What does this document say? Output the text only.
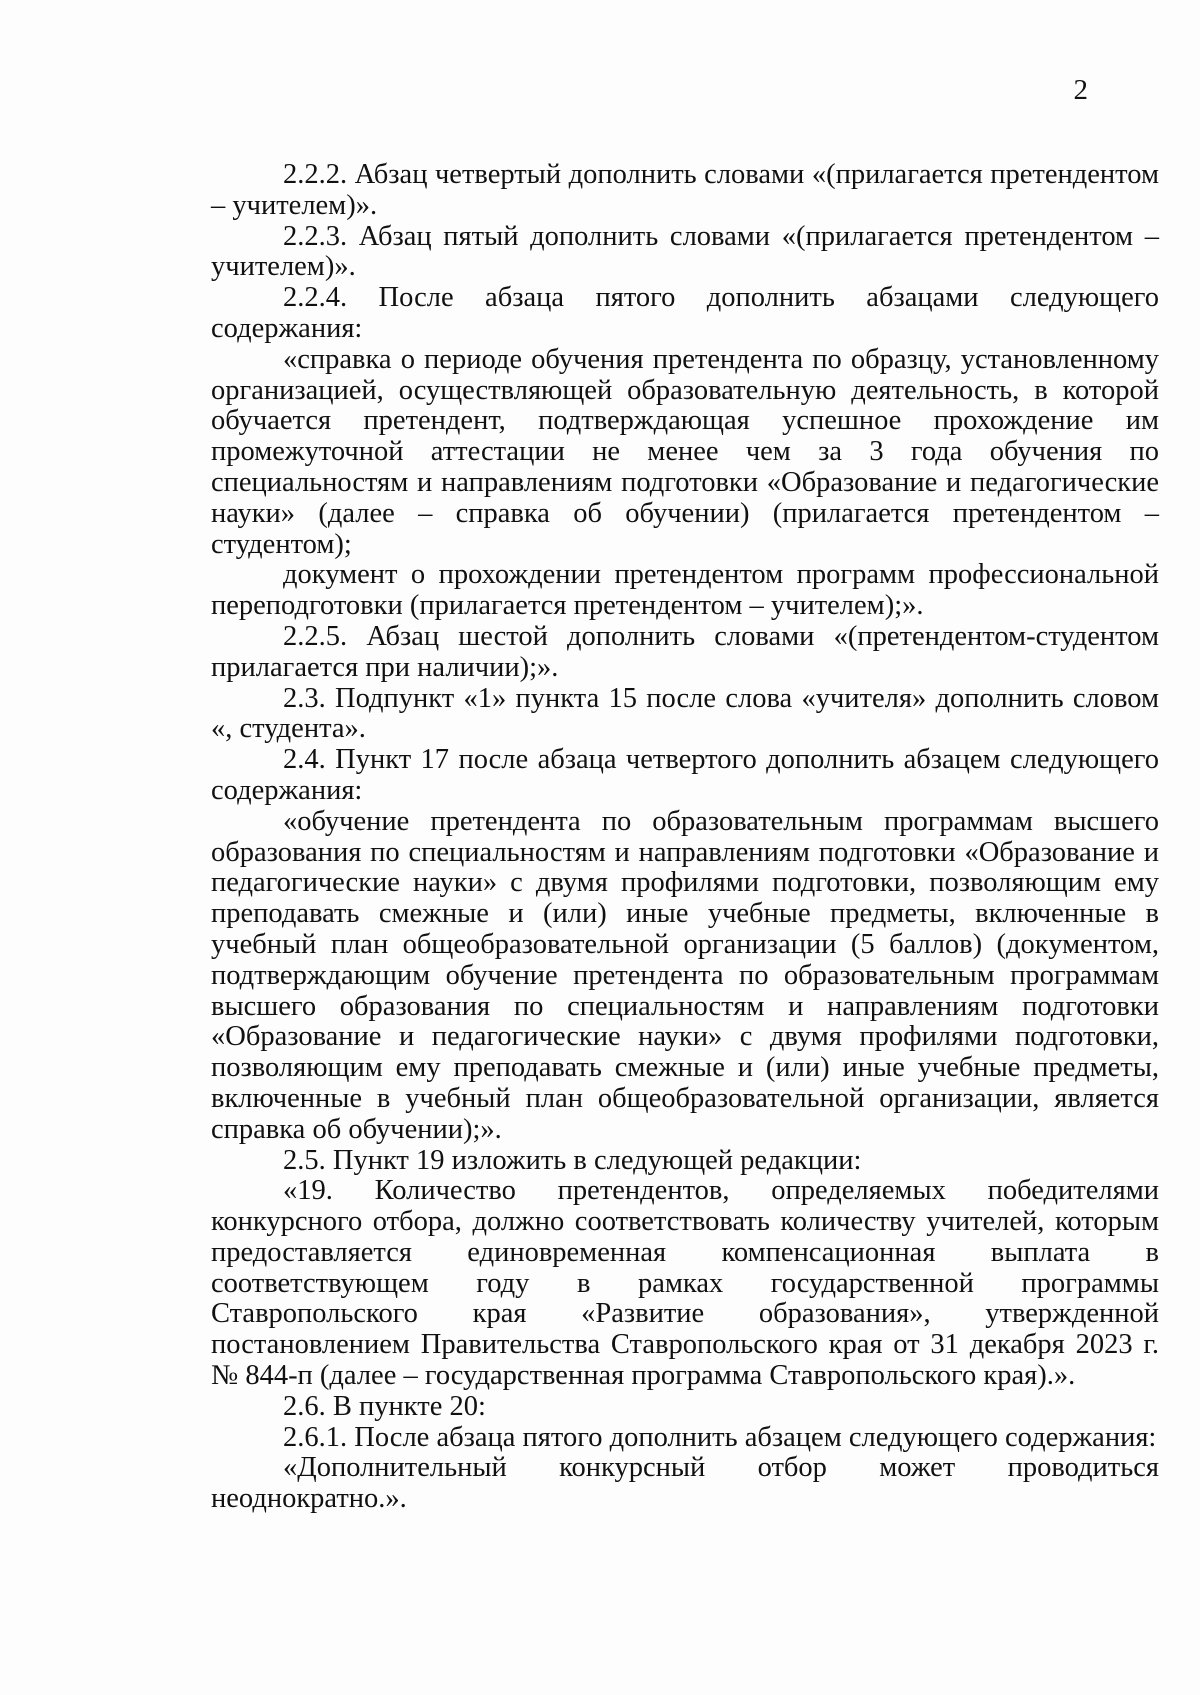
2

2.2.2. Абзац четвертый дополнить словами «(прилагается претендентом – учителем)».

2.2.3. Абзац пятый дополнить словами «(прилагается претендентом – учителем)».

2.2.4. После абзаца пятого дополнить абзацами следующего содержания:

«справка о периоде обучения претендента по образцу, установленному организацией, осуществляющей образовательную деятельность, в которой обучается претендент, подтверждающая успешное прохождение им промежуточной аттестации не менее чем за 3 года обучения по специальностям и направлениям подготовки «Образование и педагогические науки» (далее – справка об обучении) (прилагается претендентом – студентом);

документ о прохождении претендентом программ профессиональной переподготовки (прилагается претендентом – учителем);».

2.2.5. Абзац шестой дополнить словами «(претендентом-студентом прилагается при наличии);».

2.3. Подпункт «1» пункта 15 после слова «учителя» дополнить словом «, студента».

2.4. Пункт 17 после абзаца четвертого дополнить абзацем следующего содержания:

«обучение претендента по образовательным программам высшего образования по специальностям и направлениям подготовки «Образование и педагогические науки» с двумя профилями подготовки, позволяющим ему преподавать смежные и (или) иные учебные предметы, включенные в учебный план общеобразовательной организации (5 баллов) (документом, подтверждающим обучение претендента по образовательным программам высшего образования по специальностям и направлениям подготовки «Образование и педагогические науки» с двумя профилями подготовки, позволяющим ему преподавать смежные и (или) иные учебные предметы, включенные в учебный план общеобразовательной организации, является справка об обучении);».

2.5. Пункт 19 изложить в следующей редакции:

«19. Количество претендентов, определяемых победителями конкурсного отбора, должно соответствовать количеству учителей, которым предоставляется единовременная компенсационная выплата в соответствующем году в рамках государственной программы Ставропольского края «Развитие образования», утвержденной постановлением Правительства Ставропольского края от 31 декабря 2023 г. № 844-п (далее – государственная программа Ставропольского края).».

2.6. В пункте 20:

2.6.1. После абзаца пятого дополнить абзацем следующего содержания:

«Дополнительный конкурсный отбор может проводиться неоднократно.».
